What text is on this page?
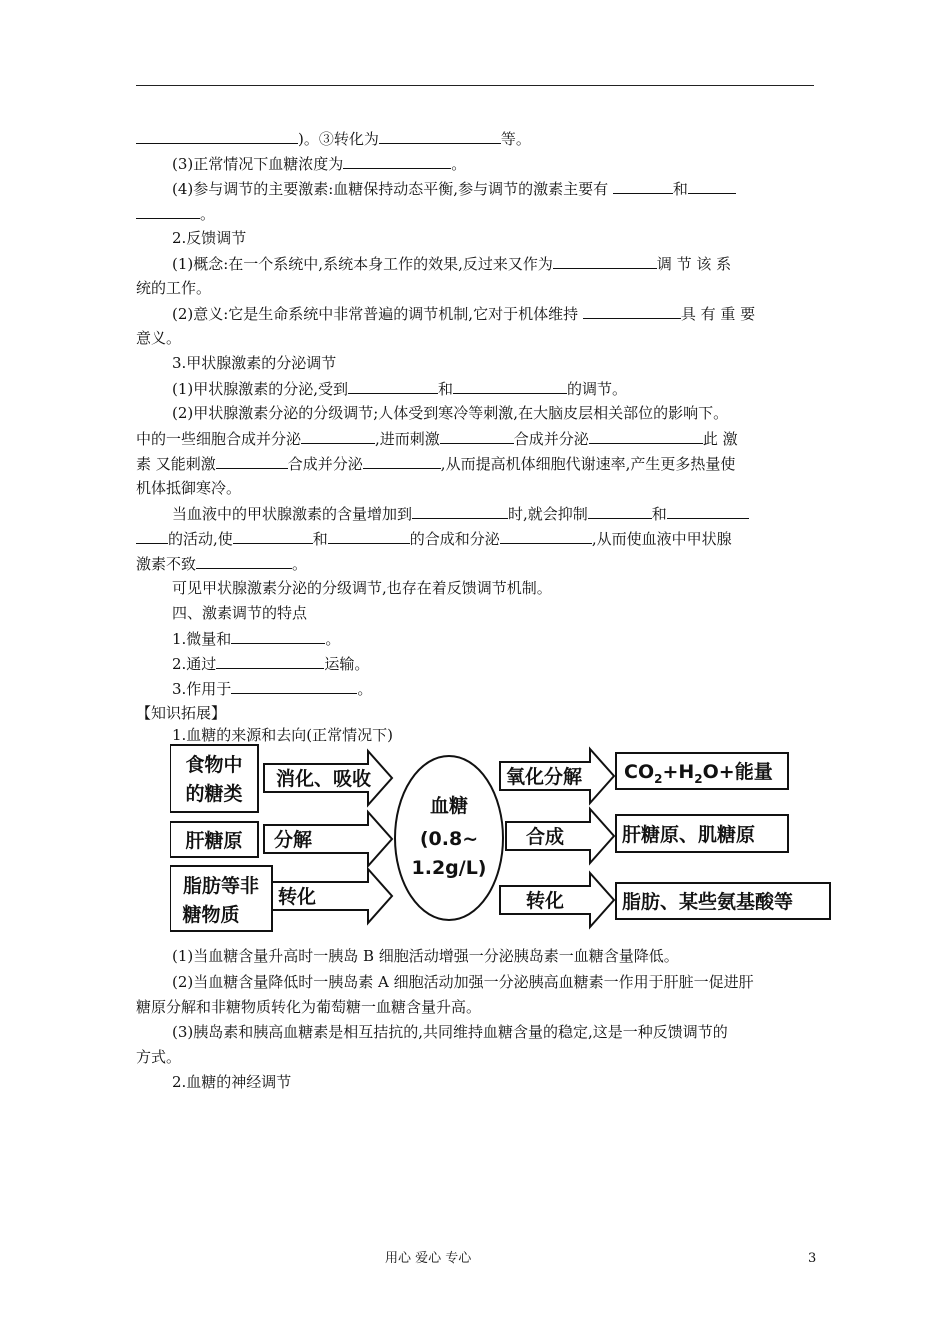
)。③转化为	等。
(3)正常情况下血糖浓度为	。
(4)参与调节的主要激素:血糖保持动态平衡,参与调节的激素主要有	和
。
2.反馈调节
(1)概念:在一个系统中,系统本身工作的效果,反过来又作为	调 节 该 系
统的工作。
(2)意义:它是生命系统中非常普遍的调节机制,它对于机体维持	具 有 重 要
意义。
3.甲状腺激素的分泌调节
(1)甲状腺激素的分泌,受到	和	的调节。
(2)甲状腺激素分泌的分级调节;人体受到寒冷等刺激,在大脑皮层相关部位的影响下。
中的一些细胞合成并分泌	,进而刺激	合成并分泌	此 激
素 又能刺激	合成并分泌	,从而提高机体细胞代谢速率,产生更多热量使
机体抵御寒冷。
当血液中的甲状腺激素的含量增加到	时,就会抑制	和
的活动,使	和	的合成和分泌	,从而使血液中甲状腺
激素不致	。
可见甲状腺激素分泌的分级调节,也存在着反馈调节机制。
四、激素调节的特点
1.微量和	。
2.通过	运输。
3.作用于	。
【知识拓展】
1.血糖的来源和去向(正常情况下)
食物中
的糖类
肝糖原
脂肪等非
糖物质
消化、吸收
分解
转化
血糖
(0.8~
1.2g/L)
氧化分解
合成
转化
$CO_2+H_2O+$能量
肝糖原、肌糖原
脂肪、某些氨基酸等
(1)当血糖含量升高时一胰岛 B 细胞活动增强一分泌胰岛素一血糖含量降低。
(2)当血糖含量降低时一胰岛素 A 细胞活动加强一分泌胰高血糖素一作用于肝脏一促进肝
糖原分解和非糖物质转化为葡萄糖一血糖含量升高。
(3)胰岛素和胰高血糖素是相互拮抗的,共同维持血糖含量的稳定,这是一种反馈调节的
方式。
2.血糖的神经调节
用心 爱心 专心	3
